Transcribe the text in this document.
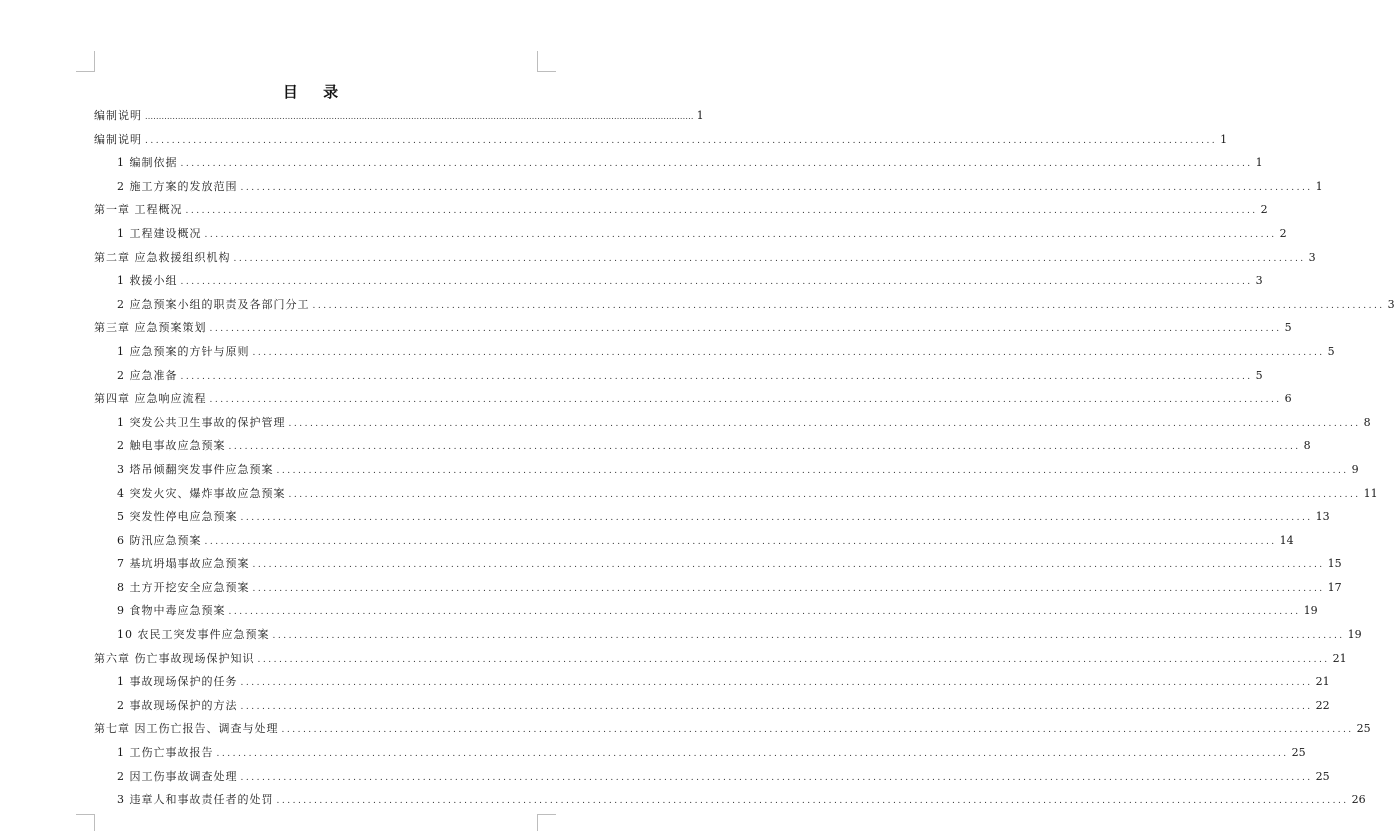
目 录
编制说明 ........................................................................................................................................................................................................ 1
编制说明 ........................................................................................................................................................................................................ 1
1 编制依据 ........................................................................................................................................................................................................ 1
2 施工方案的发放范围 ........................................................................................................................................................................................................ 1
第一章 工程概况 ........................................................................................................................................................................................................ 2
1 工程建设概况 ........................................................................................................................................................................................................ 2
第二章 应急救援组织机构 ........................................................................................................................................................................................................ 3
1 救援小组 ........................................................................................................................................................................................................ 3
2 应急预案小组的职责及各部门分工 ........................................................................................................................................................................................................ 3
第三章 应急预案策划 ........................................................................................................................................................................................................ 5
1 应急预案的方针与原则 ........................................................................................................................................................................................................ 5
2 应急准备 ........................................................................................................................................................................................................ 5
第四章 应急响应流程 ........................................................................................................................................................................................................ 6
1 突发公共卫生事故的保护管理 ........................................................................................................................................................................................................ 8
2 触电事故应急预案 ........................................................................................................................................................................................................ 8
3 塔吊倾翻突发事件应急预案 ........................................................................................................................................................................................................ 9
4 突发火灾、爆炸事故应急预案 ........................................................................................................................................................................................................ 11
5 突发性停电应急预案 ........................................................................................................................................................................................................ 13
6 防汛应急预案 ........................................................................................................................................................................................................ 14
7 基坑坍塌事故应急预案 ........................................................................................................................................................................................................ 15
8 土方开挖安全应急预案 ........................................................................................................................................................................................................ 17
9 食物中毒应急预案 ........................................................................................................................................................................................................ 19
10 农民工突发事件应急预案 ........................................................................................................................................................................................................ 19
第六章 伤亡事故现场保护知识 ........................................................................................................................................................................................................ 21
1 事故现场保护的任务 ........................................................................................................................................................................................................ 21
2 事故现场保护的方法 ........................................................................................................................................................................................................ 22
第七章 因工伤亡报告、调查与处理 ........................................................................................................................................................................................................ 25
1 工伤亡事故报告 ........................................................................................................................................................................................................ 25
2 因工伤事故调查处理 ........................................................................................................................................................................................................ 25
3 违章人和事故责任者的处罚 ........................................................................................................................................................................................................ 26
